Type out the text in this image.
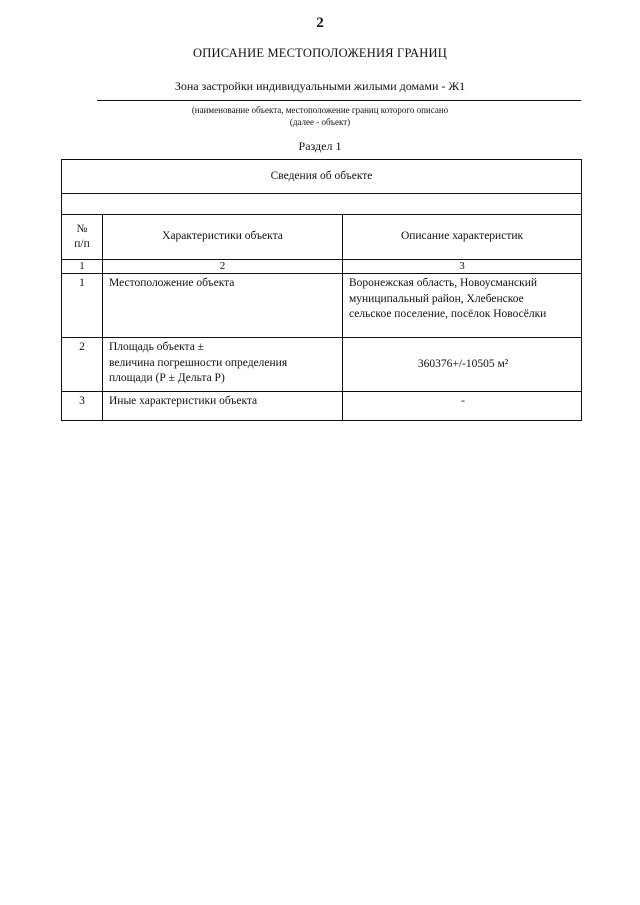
2
ОПИСАНИЕ МЕСТОПОЛОЖЕНИЯ ГРАНИЦ
Зона застройки индивидуальными жилыми домами - Ж1
(наименование объекта, местоположение границ которого описано
(далее - объект)
Раздел 1
Сведения об объекте		

№
п/п	Характеристики объекта	Описание характеристик
1	2	3
1	Местоположение объекта	Воронежская область, Новоусманский
муниципальный район, Хлебенское
сельское поселение, посёлок Новосёлки

2	Площадь объекта ±
величина погрешности определения
площади (Р ± Дельта Р)	360376+/-10505 м²

3	Иные характеристики объекта	-
